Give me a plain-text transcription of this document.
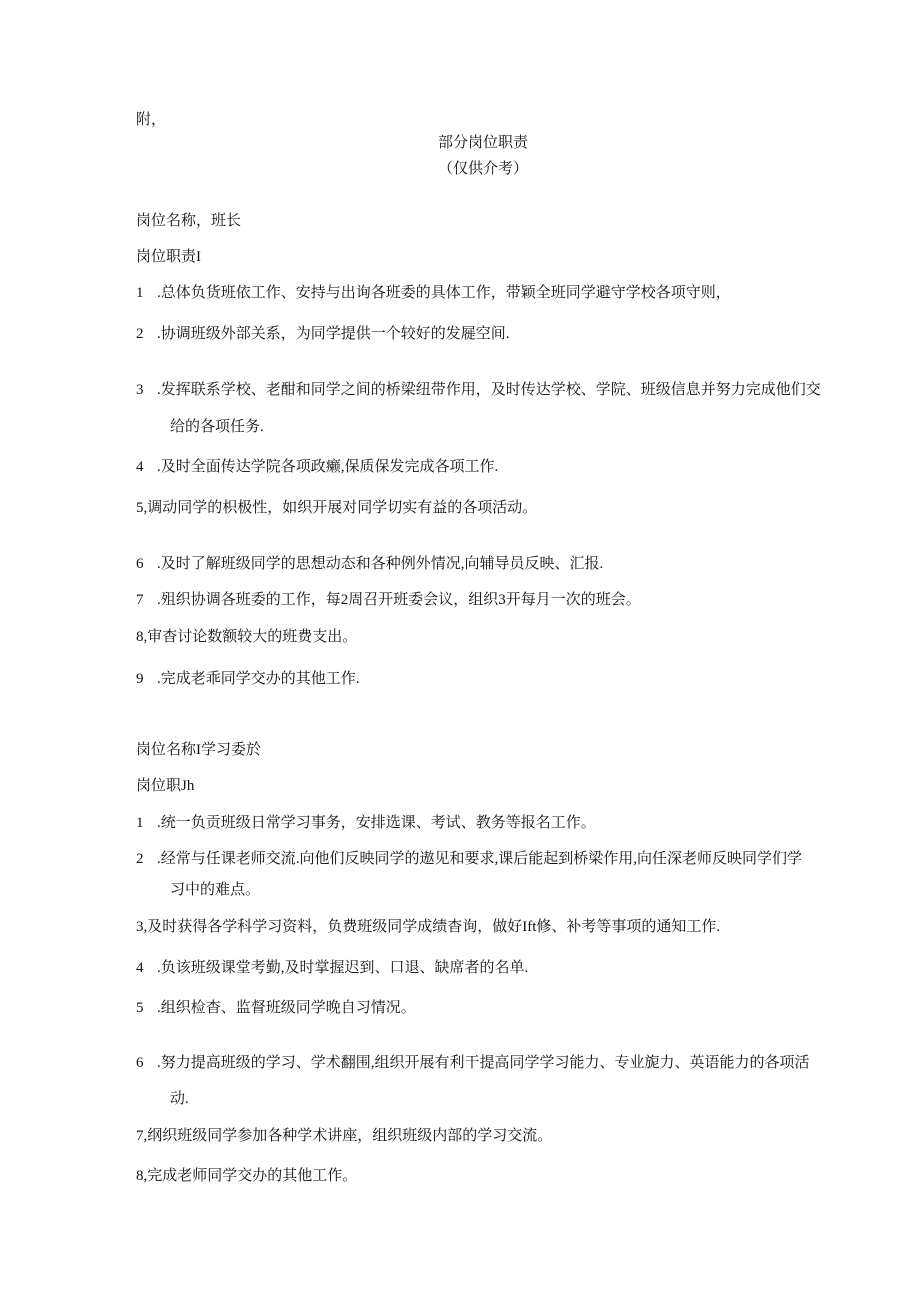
附，
部分岗位职责
（仅供介考）
岗位名称，班长
岗位职责I
1 .总体负货班依工作、安持与出询各班委的具体工作，带颖全班同学避守学校各项守则，
2 .协调班级外部关系，为同学提供一个较好的发屣空间.
3 .发挥联系学校、老酣和同学之间的桥梁纽带作用，及时传达学校、学院、班级信息并努力完成他们交
给的各项任务.
4 .及时全面传达学院各项政癞,保质保发完成各项工作.
5,调动同学的枳极性，如织开展对同学切实有益的各项活动。
6 .及时了解班级同学的思想动态和各种例外情况,向辅导员反映、汇报.
7 .殂织协调各班委的工作，每2周召开班委会议，组织3开每月一次的班会。
8,审杳讨论数额较大的班费支出。
9 .完成老乖同学交办的其他工作.
岗位名称I学习委於
岗位职Jh
1 .统一负贡班级日常学习事务，安排选课、考试、教务等报名工作。
2 .经常与任课老师交流.向他们反映同学的遨见和要求,课后能起到桥梁作用,向任深老师反映同学们学
习中的难点。
3,及时获得各学科学习资料，负费班级同学成绩杳询，做好Ift修、补考等事项的通知工作.
4 .负该班级课堂考勤,及时掌握迟到、口退、缺席者的名单.
5 .组织检杳、监督班级同学晚自习情况。
6 .努力提高班级的学习、学术翻围,组织开展有利干提高同学学习能力、专业旎力、英语能力的各项活
动.
7,纲织班级同学参加各种学术讲座，组织班级内部的学习交流。
8,完成老师同学交办的其他工作。
